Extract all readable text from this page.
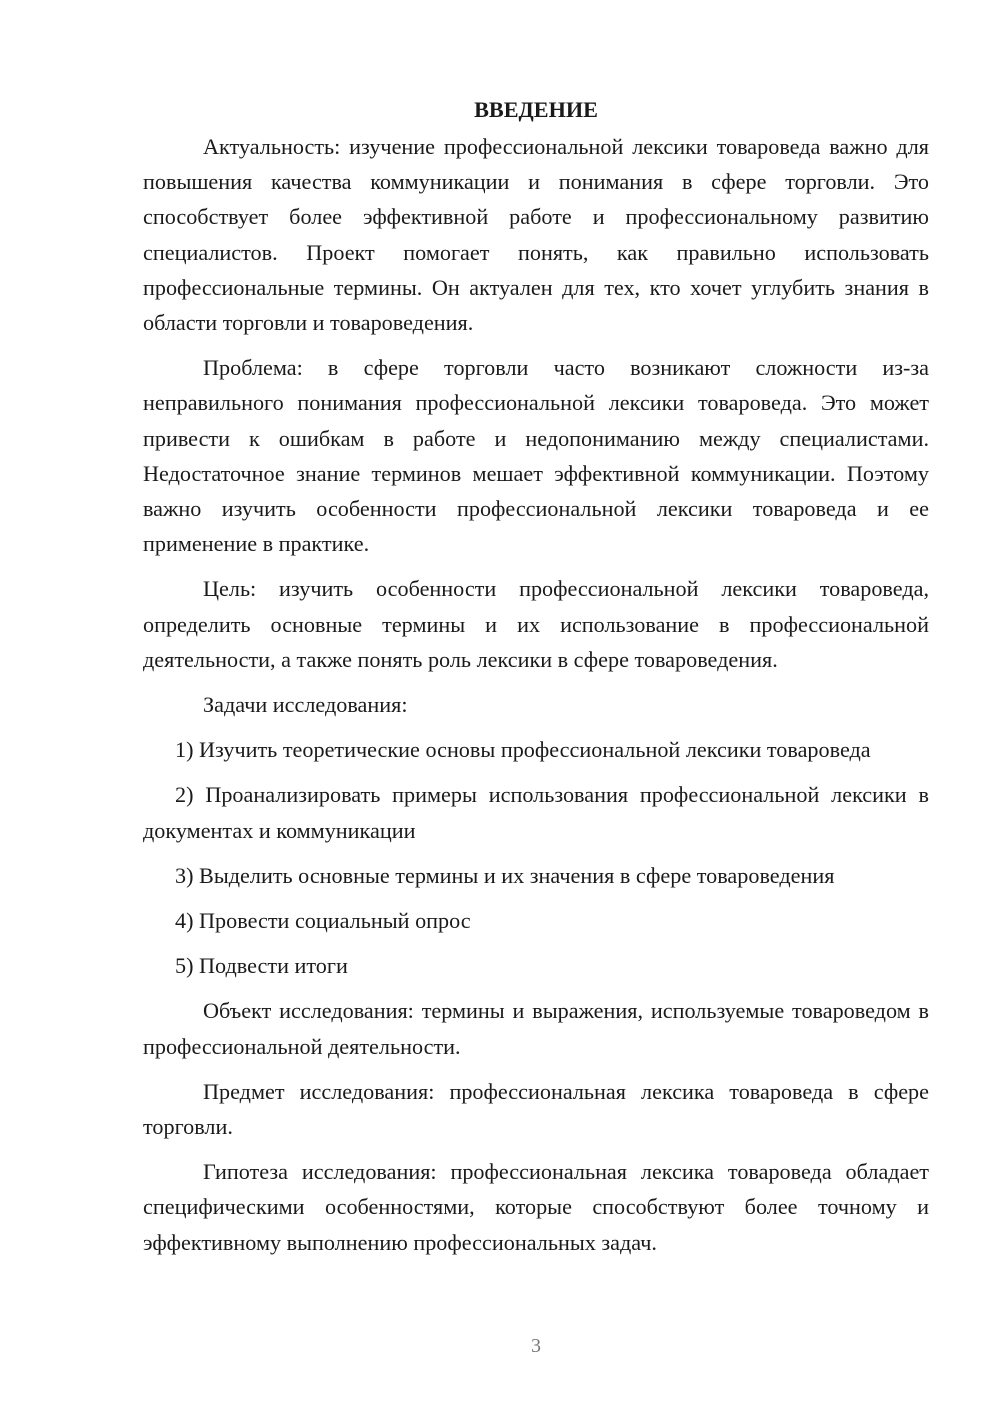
ВВЕДЕНИЕ

Актуальность: изучение профессиональной лексики товароведа важно для повышения качества коммуникации и понимания в сфере торговли. Это способствует более эффективной работе и профессиональному развитию специалистов. Проект помогает понять, как правильно использовать профессиональные термины. Он актуален для тех, кто хочет углубить знания в области торговли и товароведения.

Проблема: в сфере торговли часто возникают сложности из-за неправильного понимания профессиональной лексики товароведа. Это может привести к ошибкам в работе и недопониманию между специалистами. Недостаточное знание терминов мешает эффективной коммуникации. Поэтому важно изучить особенности профессиональной лексики товароведа и ее применение в практике.

Цель: изучить особенности профессиональной лексики товароведа, определить основные термины и их использование в профессиональной деятельности, а также понять роль лексики в сфере товароведения.

Задачи исследования:

1) Изучить теоретические основы профессиональной лексики товароведа

2) Проанализировать примеры использования профессиональной лексики в документах и коммуникации

3) Выделить основные термины и их значения в сфере товароведения

4) Провести социальный опрос

5) Подвести итоги

Объект исследования: термины и выражения, используемые товароведом в профессиональной деятельности.

Предмет исследования: профессиональная лексика товароведа в сфере торговли.

Гипотеза исследования: профессиональная лексика товароведа обладает специфическими особенностями, которые способствуют более точному и эффективному выполнению профессиональных задач.

3
